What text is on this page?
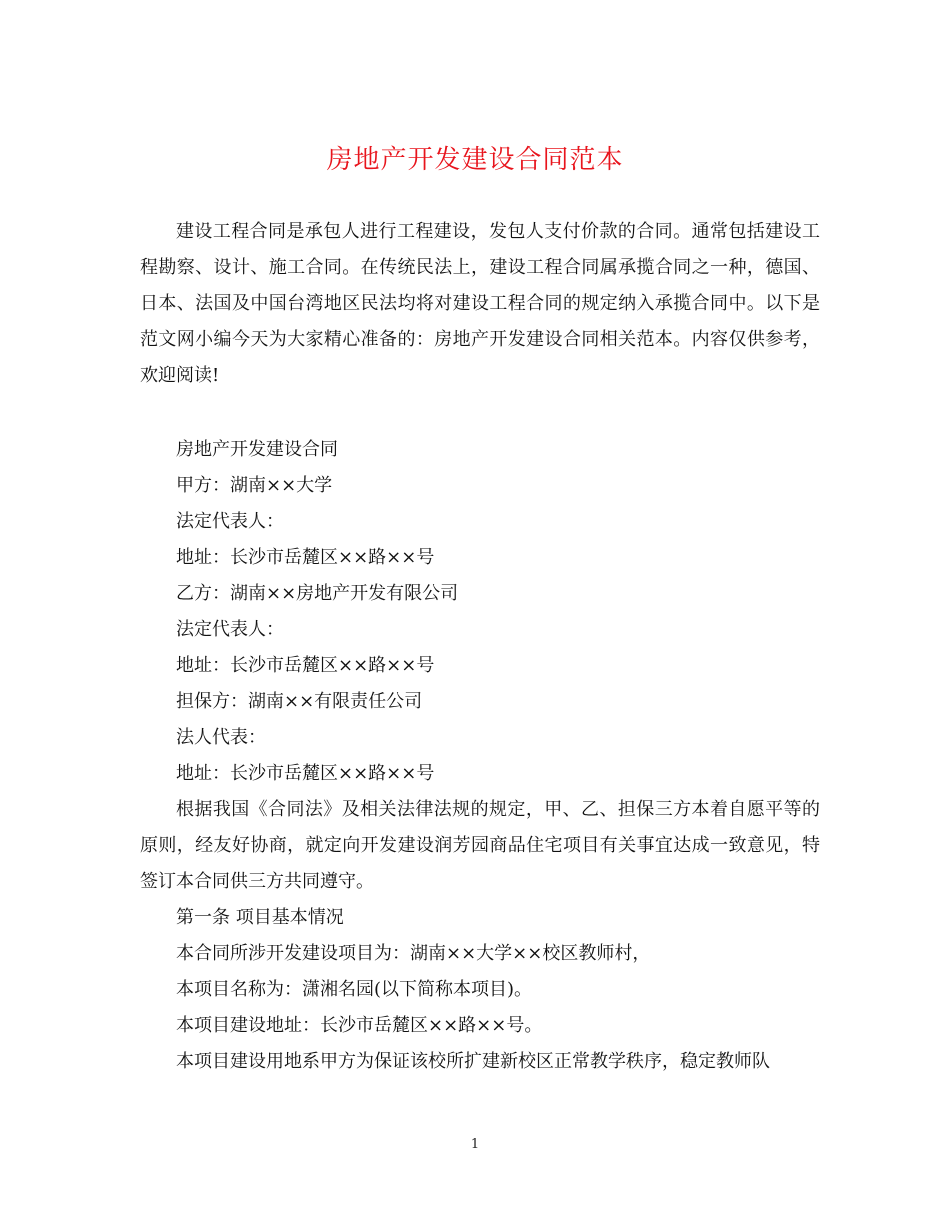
房地产开发建设合同范本

建设工程合同是承包人进行工程建设，发包人支付价款的合同。通常包括建设工程勘察、设计、施工合同。在传统民法上，建设工程合同属承揽合同之一种，德国、日本、法国及中国台湾地区民法均将对建设工程合同的规定纳入承揽合同中。以下是范文网小编今天为大家精心准备的：房地产开发建设合同相关范本。内容仅供参考，欢迎阅读!

房地产开发建设合同

甲方：湖南××大学

法定代表人：

地址：长沙市岳麓区××路××号

乙方：湖南××房地产开发有限公司

法定代表人：

地址：长沙市岳麓区××路××号

担保方：湖南××有限责任公司

法人代表：

地址：长沙市岳麓区××路××号

根据我国《合同法》及相关法律法规的规定，甲、乙、担保三方本着自愿平等的原则，经友好协商，就定向开发建设润芳园商品住宅项目有关事宜达成一致意见，特签订本合同供三方共同遵守。

第一条 项目基本情况

本合同所涉开发建设项目为：湖南××大学××校区教师村，

本项目名称为：潇湘名园(以下简称本项目)。

本项目建设地址：长沙市岳麓区××路××号。

本项目建设用地系甲方为保证该校所扩建新校区正常教学秩序，稳定教师队

1
